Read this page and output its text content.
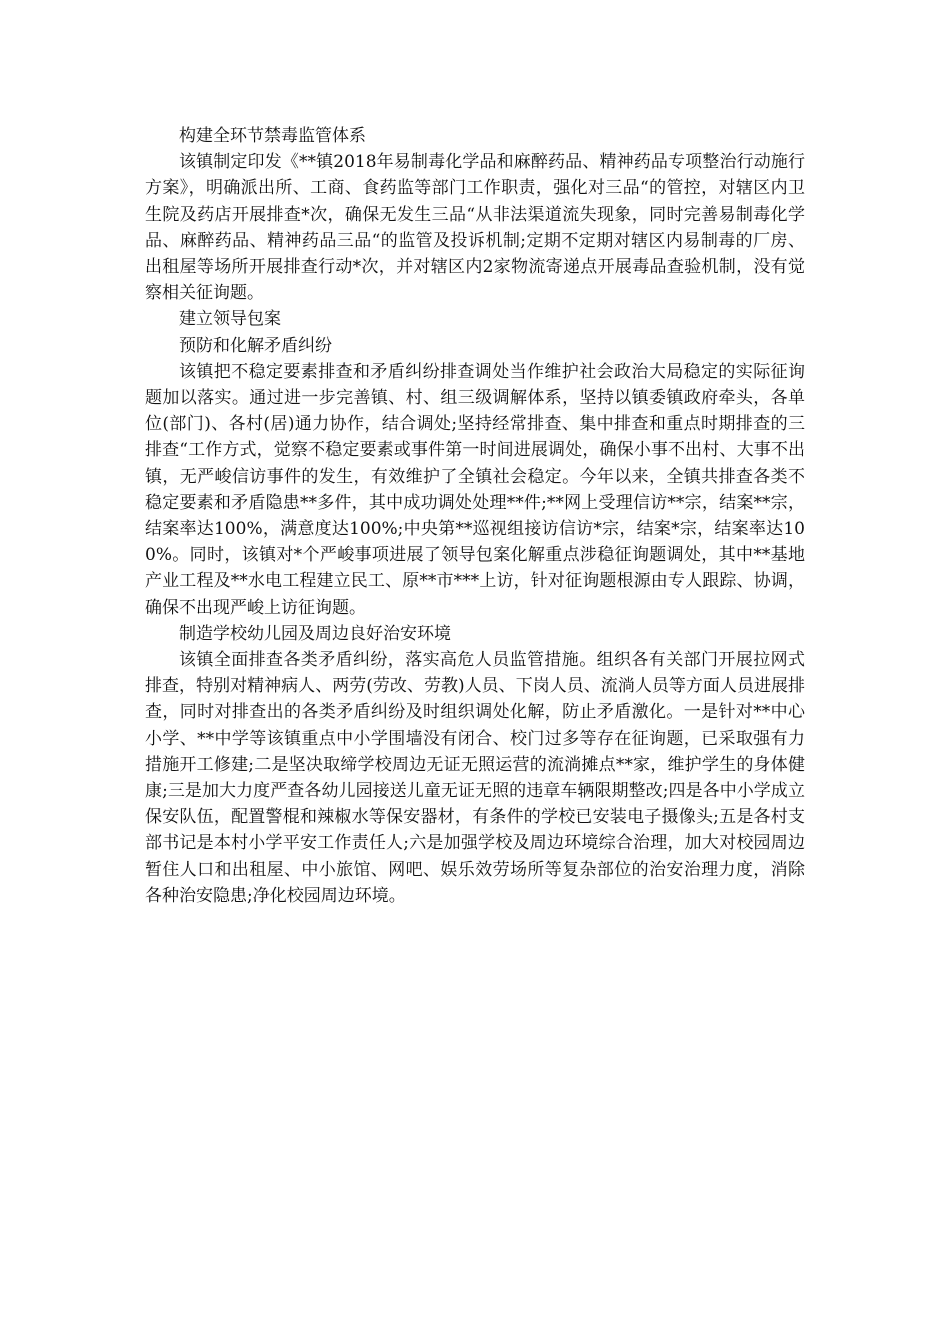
构建全环节禁毒监管体系

该镇制定印发《**镇2018年易制毒化学品和麻醉药品、精神药品专项整治行动施行方案》，明确派出所、工商、食药监等部门工作职责，强化对三品“的管控，对辖区内卫生院及药店开展排查*次，确保无发生三品“从非法渠道流失现象，同时完善易制毒化学品、麻醉药品、精神药品三品“的监管及投诉机制;定期不定期对辖区内易制毒的厂房、出租屋等场所开展排查行动*次，并对辖区内2家物流寄递点开展毒品查验机制，没有觉察相关征询题。

建立领导包案

预防和化解矛盾纠纷

该镇把不稳定要素排查和矛盾纠纷排查调处当作维护社会政治大局稳定的实际征询题加以落实。通过进一步完善镇、村、组三级调解体系，坚持以镇委镇政府牵头，各单位(部门)、各村(居)通力协作，结合调处;坚持经常排查、集中排查和重点时期排查的三排查“工作方式，觉察不稳定要素或事件第一时间进展调处，确保小事不出村、大事不出镇，无严峻信访事件的发生，有效维护了全镇社会稳定。今年以来，全镇共排查各类不稳定要素和矛盾隐患**多件，其中成功调处处理**件;**网上受理信访**宗，结案**宗，结案率达100%，满意度达100%;中央第**巡视组接访信访*宗，结案*宗，结案率达100%。同时，该镇对*个严峻事项进展了领导包案化解重点涉稳征询题调处，其中**基地产业工程及**水电工程建立民工、原**市***上访，针对征询题根源由专人跟踪、协调，确保不出现严峻上访征询题。

制造学校幼儿园及周边良好治安环境

该镇全面排查各类矛盾纠纷，落实高危人员监管措施。组织各有关部门开展拉网式排查，特别对精神病人、两劳(劳改、劳教)人员、下岗人员、流淌人员等方面人员进展排查，同时对排查出的各类矛盾纠纷及时组织调处化解，防止矛盾激化。一是针对**中心小学、**中学等该镇重点中小学围墙没有闭合、校门过多等存在征询题，已采取强有力措施开工修建;二是坚决取缔学校周边无证无照运营的流淌摊点**家，维护学生的身体健康;三是加大力度严查各幼儿园接送儿童无证无照的违章车辆限期整改;四是各中小学成立保安队伍，配置警棍和辣椒水等保安器材，有条件的学校已安装电子摄像头;五是各村支部书记是本村小学平安工作责任人;六是加强学校及周边环境综合治理，加大对校园周边暂住人口和出租屋、中小旅馆、网吧、娱乐效劳场所等复杂部位的治安治理力度，消除各种治安隐患;净化校园周边环境。
